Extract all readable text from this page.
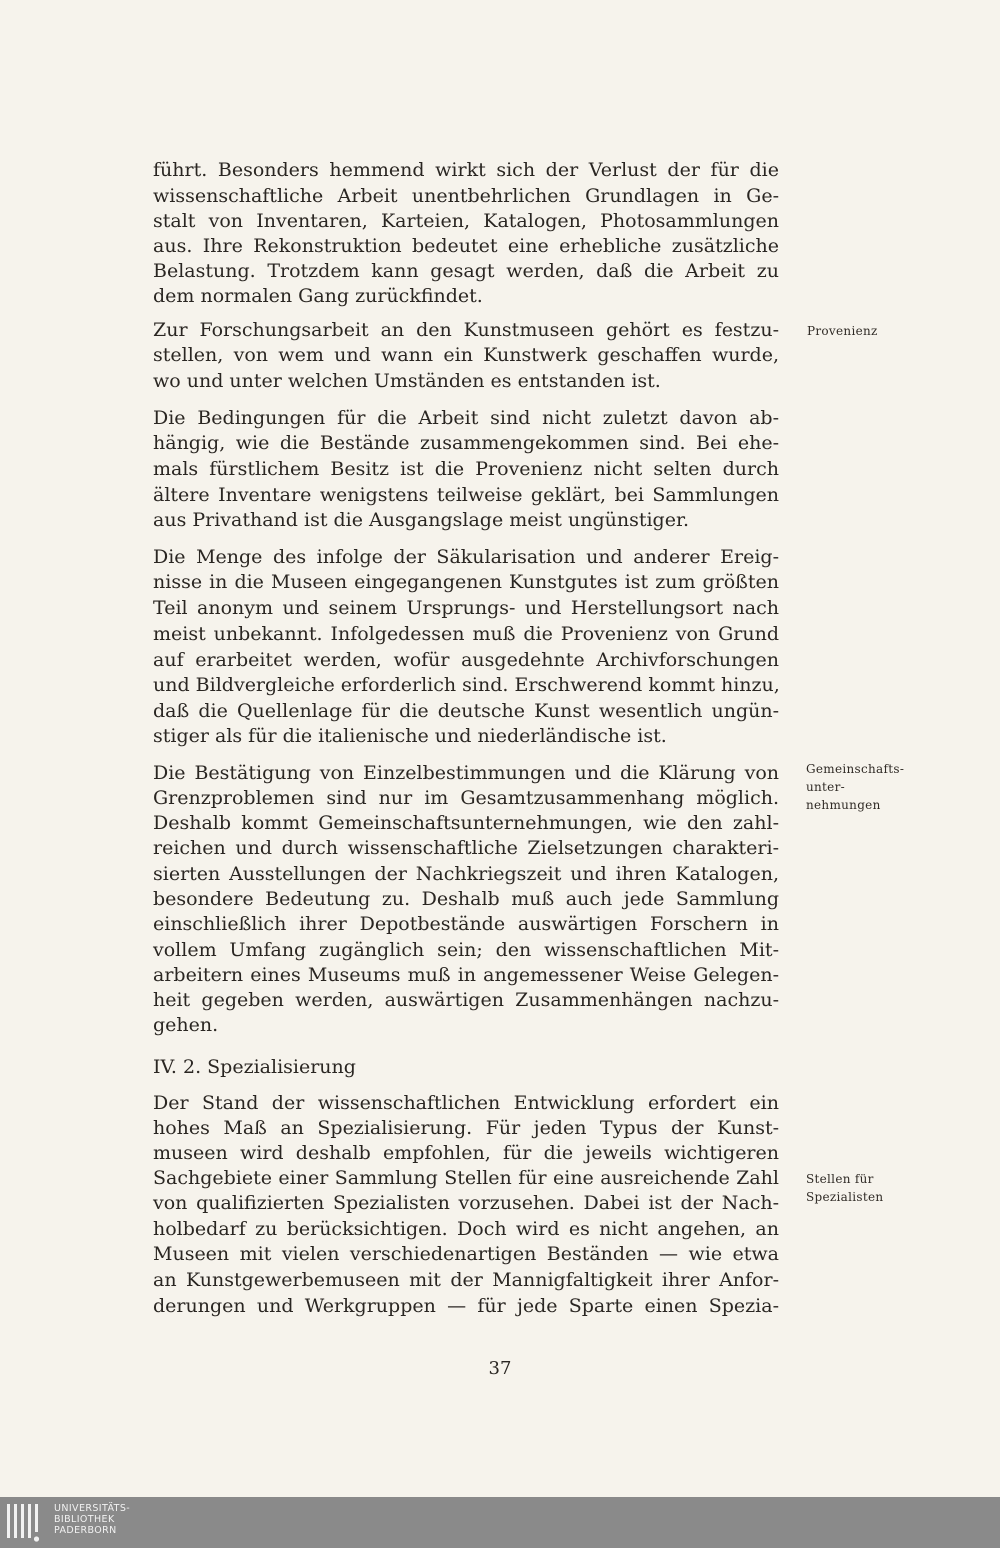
führt. Besonders hemmend wirkt sich der Verlust der für die
wissenschaftliche Arbeit unentbehrlichen Grundlagen in Ge-
stalt von Inventaren, Karteien, Katalogen, Photosammlungen
aus. Ihre Rekonstruktion bedeutet eine erhebliche zusätzliche
Belastung. Trotzdem kann gesagt werden, daß die Arbeit zu
dem normalen Gang zurückfindet.
Zur Forschungsarbeit an den Kunstmuseen gehört es festzu-
stellen, von wem und wann ein Kunstwerk geschaffen wurde,
wo und unter welchen Umständen es entstanden ist.
Die Bedingungen für die Arbeit sind nicht zuletzt davon ab-
hängig, wie die Bestände zusammengekommen sind. Bei ehe-
mals fürstlichem Besitz ist die Provenienz nicht selten durch
ältere Inventare wenigstens teilweise geklärt, bei Sammlungen
aus Privathand ist die Ausgangslage meist ungünstiger.
Die Menge des infolge der Säkularisation und anderer Ereig-
nisse in die Museen eingegangenen Kunstgutes ist zum größten
Teil anonym und seinem Ursprungs- und Herstellungsort nach
meist unbekannt. Infolgedessen muß die Provenienz von Grund
auf erarbeitet werden, wofür ausgedehnte Archivforschungen
und Bildvergleiche erforderlich sind. Erschwerend kommt hinzu,
daß die Quellenlage für die deutsche Kunst wesentlich ungün-
stiger als für die italienische und niederländische ist.
Die Bestätigung von Einzelbestimmungen und die Klärung von
Grenzproblemen sind nur im Gesamtzusammenhang möglich.
Deshalb kommt Gemeinschaftsunternehmungen, wie den zahl-
reichen und durch wissenschaftliche Zielsetzungen charakteri-
sierten Ausstellungen der Nachkriegszeit und ihren Katalogen,
besondere Bedeutung zu. Deshalb muß auch jede Sammlung
einschließlich ihrer Depotbestände auswärtigen Forschern in
vollem Umfang zugänglich sein; den wissenschaftlichen Mit-
arbeitern eines Museums muß in angemessener Weise Gelegen-
heit gegeben werden, auswärtigen Zusammenhängen nachzu-
gehen.
IV. 2. Spezialisierung
Der Stand der wissenschaftlichen Entwicklung erfordert ein
hohes Maß an Spezialisierung. Für jeden Typus der Kunst-
museen wird deshalb empfohlen, für die jeweils wichtigeren
Sachgebiete einer Sammlung Stellen für eine ausreichende Zahl
von qualifizierten Spezialisten vorzusehen. Dabei ist der Nach-
holbedarf zu berücksichtigen. Doch wird es nicht angehen, an
Museen mit vielen verschiedenartigen Beständen — wie etwa
an Kunstgewerbemuseen mit der Mannigfaltigkeit ihrer Anfor-
derungen und Werkgruppen — für jede Sparte einen Spezia-
Provenienz
Gemeinschafts-
unter-
nehmungen
Stellen für
Spezialisten
37
UNIVERSITÄTS-
BIBLIOTHEK
PADERBORN
